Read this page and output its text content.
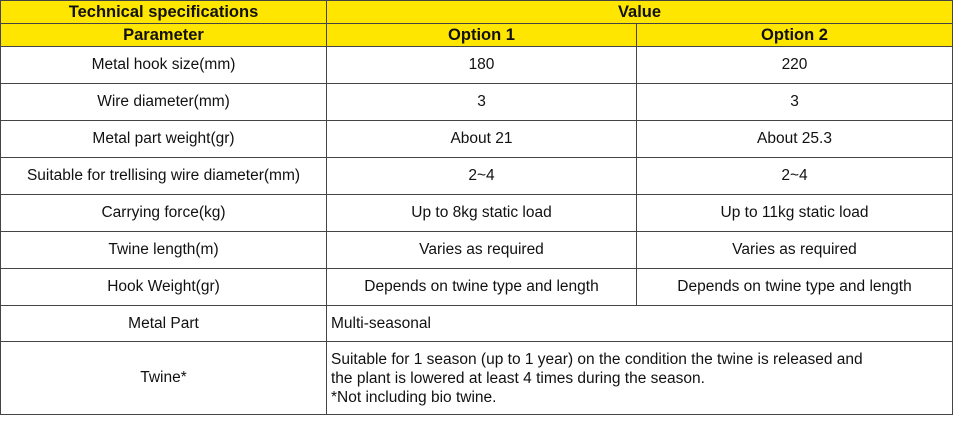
Technical specifications	Value	
Parameter	Option 1	Option 2
Metal hook size(mm)	180	220
Wire diameter(mm)	3	3
Metal part weight(gr)	About 21	About 25.3
Suitable for trellising wire diameter(mm)	2~4	2~4
Carrying force(kg)	Up to 8kg static load	Up to 11kg static load
Twine length(m)	Varies as required	Varies as required
Hook Weight(gr)	Depends on twine type and length	Depends on twine type and length
Metal Part	Multi-seasonal	
Twine*	Suitable for 1 season (up to 1 year) on the condition the twine is released and
the plant is lowered at least 4 times during the season.
*Not including bio twine.	
